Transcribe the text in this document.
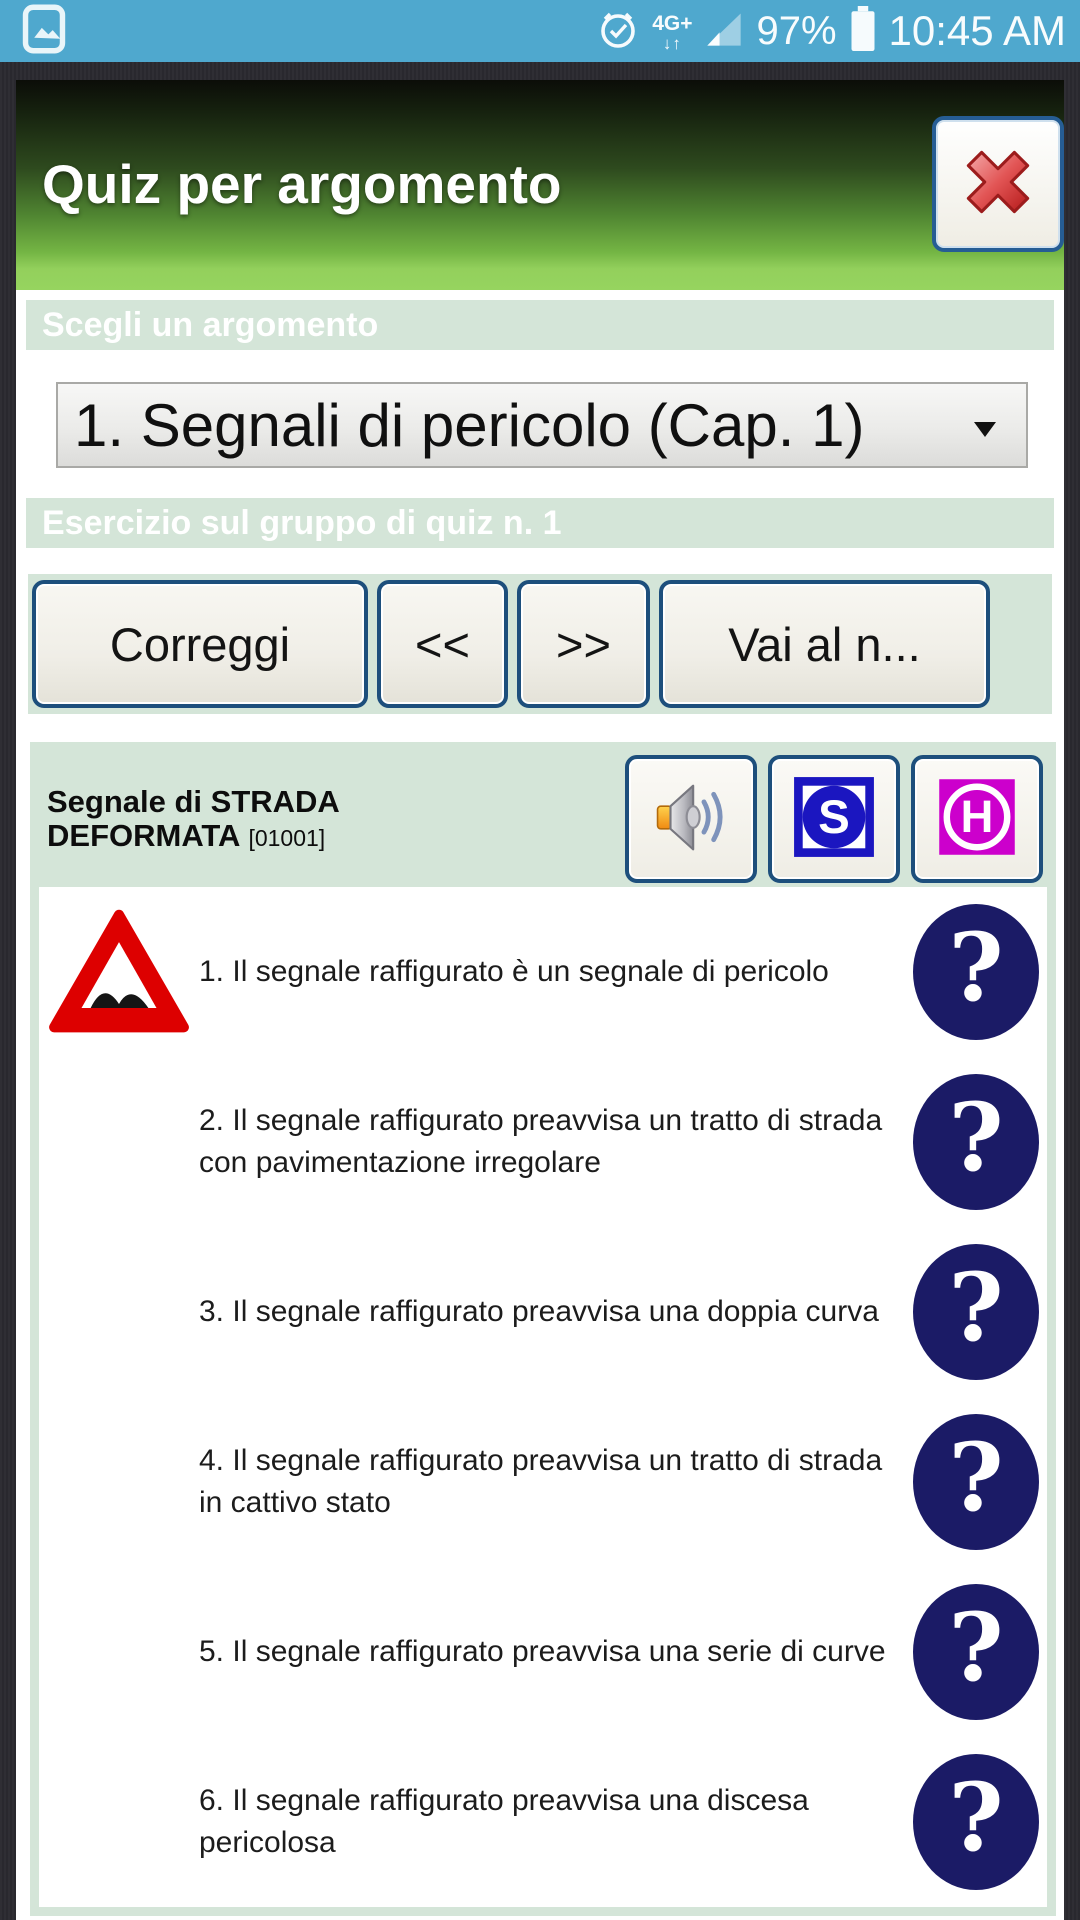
4G+
↓↑ 97% 10:45 AM
Quiz per argomento
Scegli un argomento
1. Segnali di pericolo (Cap. 1)
Esercizio sul gruppo di quiz n. 1
Correggi	<<	>>	Vai al n...
Segnale di STRADA DEFORMATA [01001]	S	H
1. Il segnale raffigurato è un segnale di pericolo	?
2. Il segnale raffigurato preavvisa un tratto di strada con pavimentazione irregolare	?
3. Il segnale raffigurato preavvisa una doppia curva ?
4. Il segnale raffigurato preavvisa un tratto di strada in cattivo stato	?
5. Il segnale raffigurato preavvisa una serie di curve ?
6. Il segnale raffigurato preavvisa una discesa pericolosa	?
